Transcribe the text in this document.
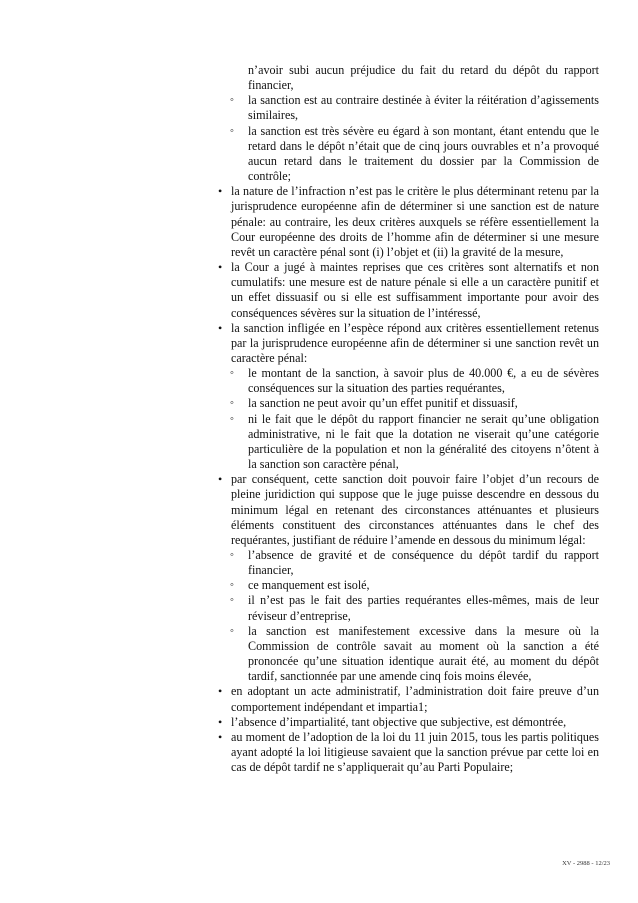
n’avoir subi aucun préjudice du fait du retard du dépôt du rapport financier,
◦ la sanction est au contraire destinée à éviter la réitération d’agissements similaires,
◦ la sanction est très sévère eu égard à son montant, étant entendu que le retard dans le dépôt n’était que de cinq jours ouvrables et n’a provoqué aucun retard dans le traitement du dossier par la Commission de contrôle;
• la nature de l’infraction n’est pas le critère le plus déterminant retenu par la jurisprudence européenne afin de déterminer si une sanction est de nature pénale: au contraire, les deux critères auxquels se réfère essentiellement la Cour européenne des droits de l’homme afin de déterminer si une mesure revêt un caractère pénal sont (i) l’objet et (ii) la gravité de la mesure,
• la Cour a jugé à maintes reprises que ces critères sont alternatifs et non cumulatifs: une mesure est de nature pénale si elle a un caractère punitif et un effet dissuasif ou si elle est suffisamment importante pour avoir des conséquences sévères sur la situation de l’intéressé,
• la sanction infligée en l’espèce répond aux critères essentiellement retenus par la jurisprudence européenne afin de déterminer si une sanction revêt un caractère pénal:
◦ le montant de la sanction, à savoir plus de 40.000 €, a eu de sévères conséquences sur la situation des parties requérantes,
◦ la sanction ne peut avoir qu’un effet punitif et dissuasif,
◦ ni le fait que le dépôt du rapport financier ne serait qu’une obligation administrative, ni le fait que la dotation ne viserait qu’une catégorie particulière de la population et non la généralité des citoyens n’ôtent à la sanction son caractère pénal,
• par conséquent, cette sanction doit pouvoir faire l’objet d’un recours de pleine juridiction qui suppose que le juge puisse descendre en dessous du minimum légal en retenant des circonstances atténuantes et plusieurs éléments constituent des circonstances atténuantes dans le chef des requérantes, justifiant de réduire l’amende en dessous du minimum légal:
◦ l’absence de gravité et de conséquence du dépôt tardif du rapport financier,
◦ ce manquement est isolé,
◦ il n’est pas le fait des parties requérantes elles-mêmes, mais de leur réviseur d’entreprise,
◦ la sanction est manifestement excessive dans la mesure où la Commission de contrôle savait au moment où la sanction a été prononcée qu’une situation identique aurait été, au moment du dépôt tardif, sanctionnée par une amende cinq fois moins élevée,
• en adoptant un acte administratif, l’administration doit faire preuve d’un comportement indépendant et impartia1;
• l’absence d’impartialité, tant objective que subjective, est démontrée,
• au moment de l’adoption de la loi du 11 juin 2015, tous les partis politiques ayant adopté la loi litigieuse savaient que la sanction prévue par cette loi en cas de dépôt tardif ne s’appliquerait qu’au Parti Populaire;
XV - 2988 - 12/23
